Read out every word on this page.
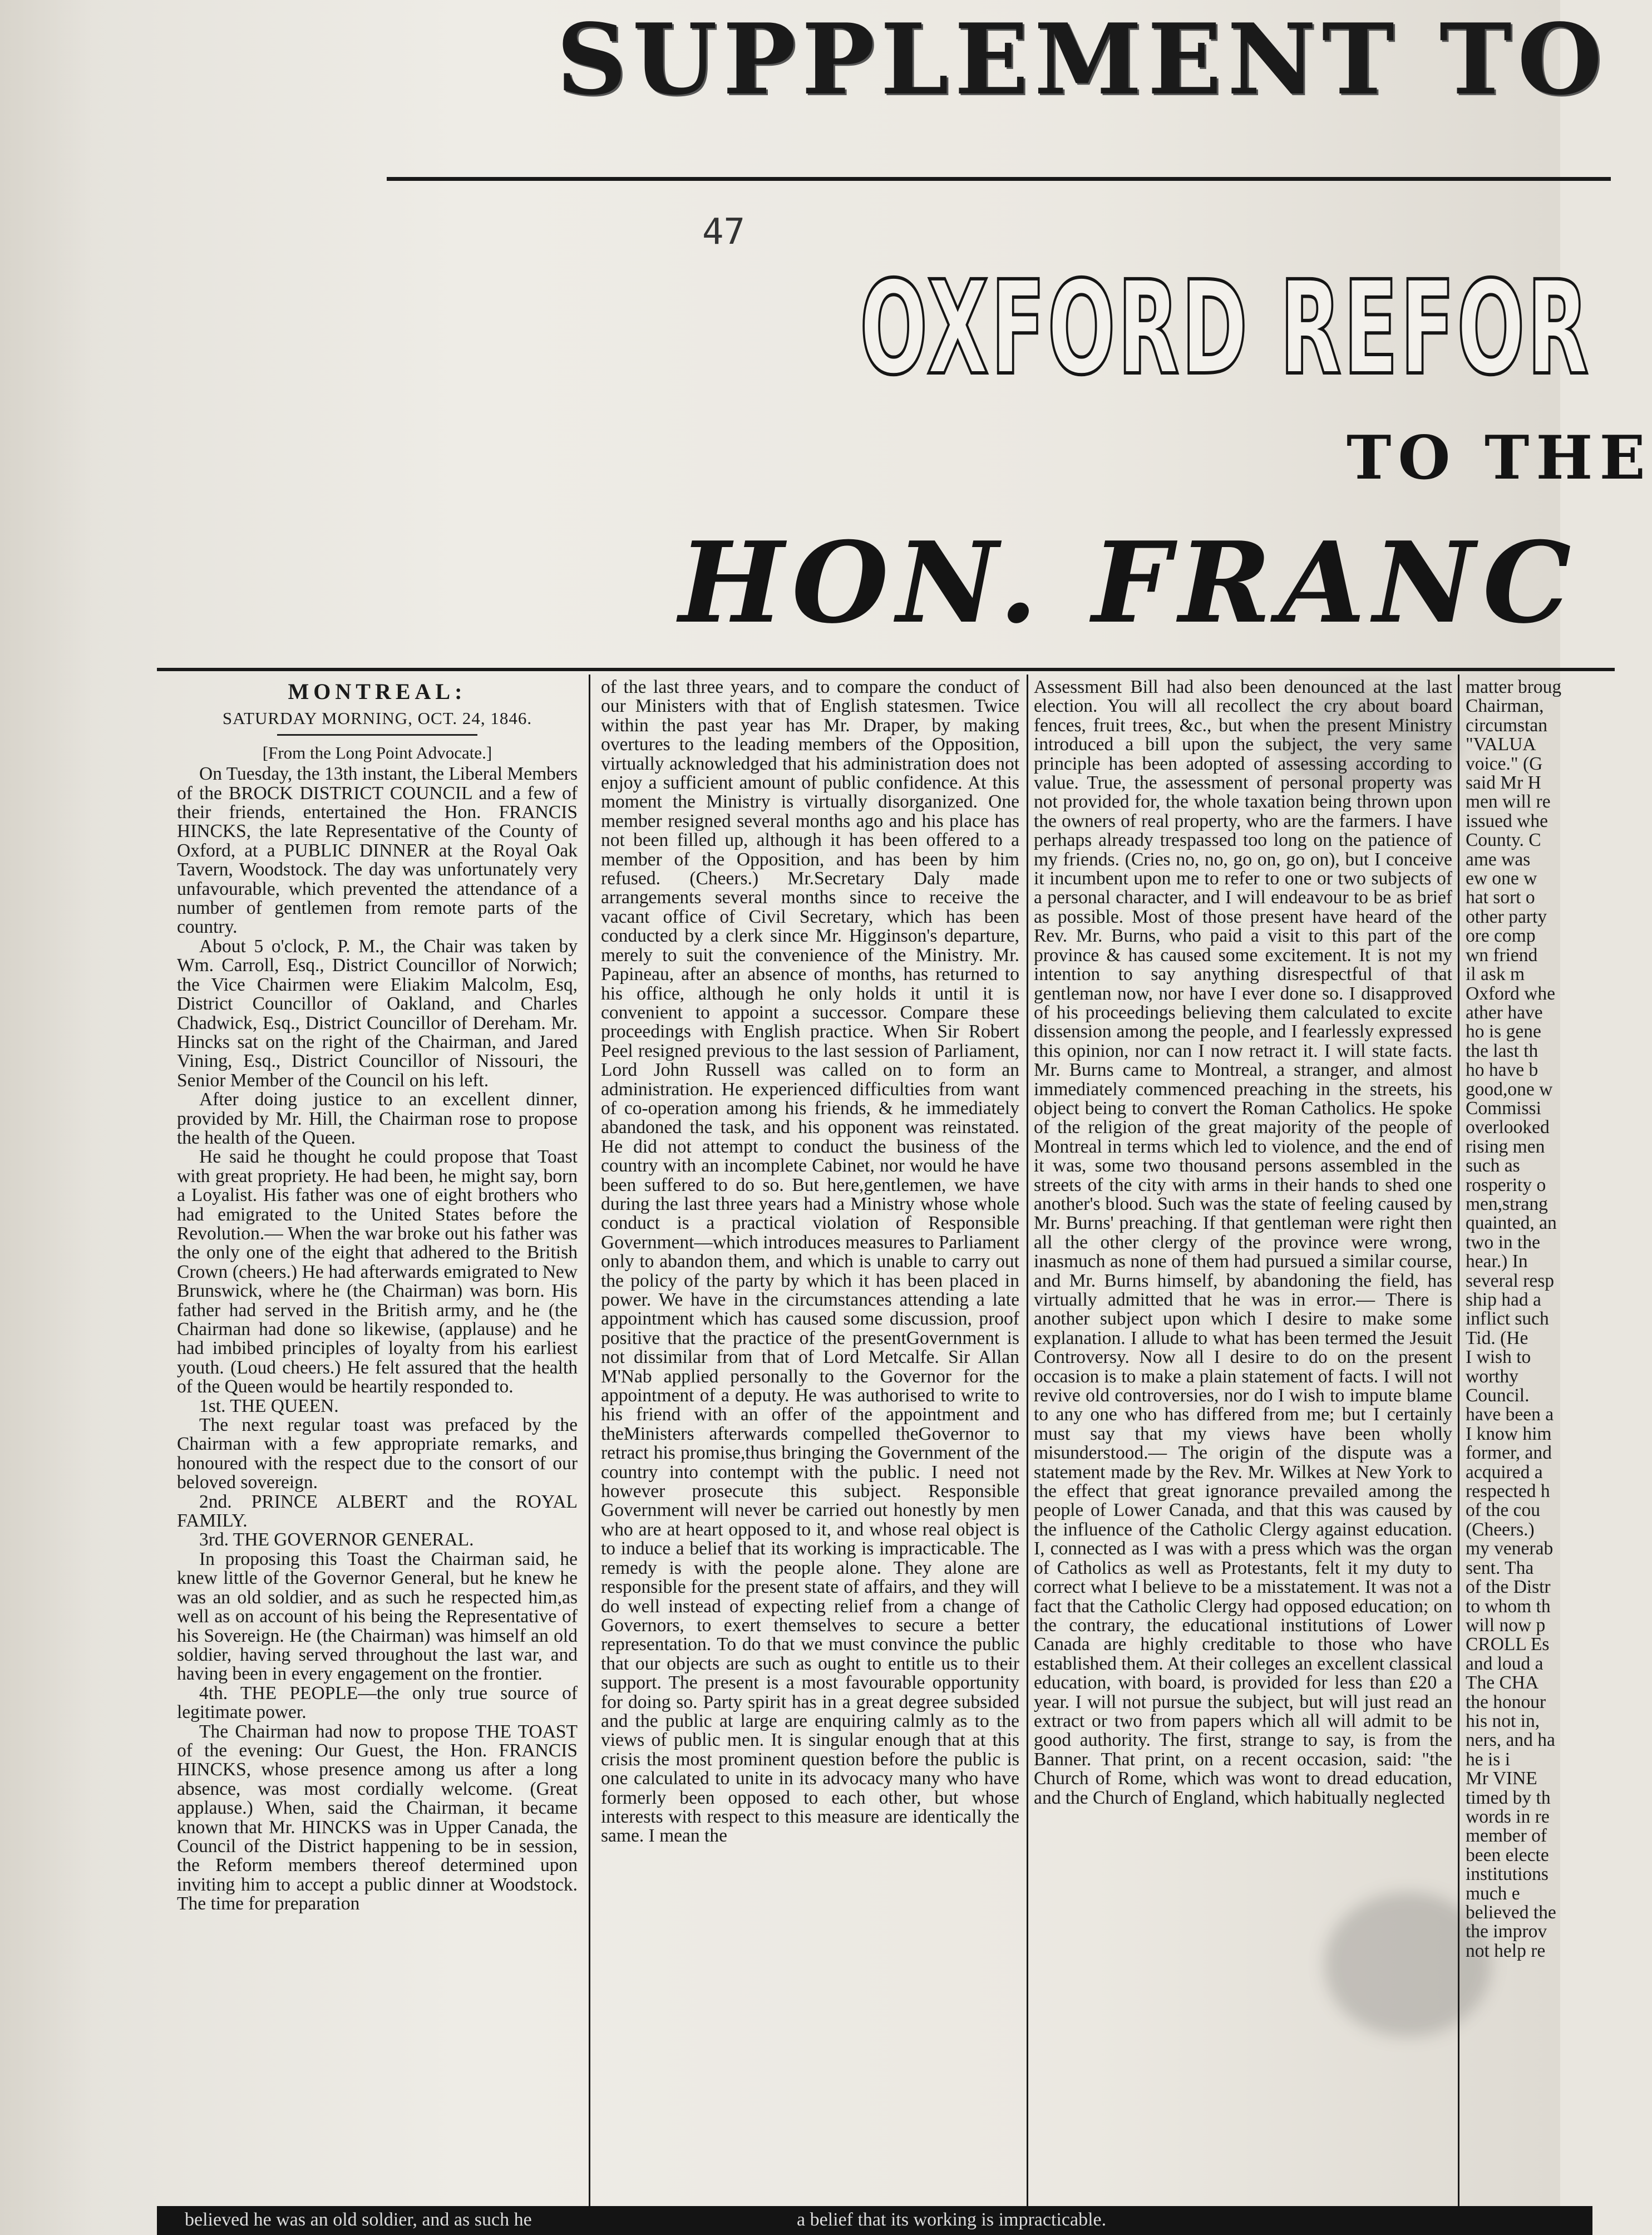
SUPPLEMENT TO
47
OXFORD REFOR
TO THE
HON. FRANC
MONTREAL:
SATURDAY MORNING, OCT. 24, 1846.
[From the Long Point Advocate.]

On Tuesday, the 13th instant, the Liberal Members of the BROCK DISTRICT COUNCIL and a few of their friends, entertained the Hon. FRANCIS HINCKS, the late Representative of the County of Oxford, at a PUBLIC DINNER at the Royal Oak Tavern, Woodstock. The day was unfortunately very unfavourable, which prevented the attendance of a number of gentlemen from remote parts of the country.

About 5 o'clock, P. M., the Chair was taken by Wm. Carroll, Esq., District Councillor of Norwich; the Vice Chairmen were Eliakim Malcolm, Esq, District Councillor of Oakland, and Charles Chadwick, Esq., District Councillor of Dereham. Mr. Hincks sat on the right of the Chairman, and Jared Vining, Esq., District Councillor of Nissouri, the Senior Member of the Council on his left.

After doing justice to an excellent dinner, provided by Mr. Hill, the Chairman rose to propose the health of the Queen.

He said he thought he could propose that Toast with great propriety. He had been, he might say, born a Loyalist. His father was one of eight brothers who had emigrated to the United States before the Revolution.— When the war broke out his father was the only one of the eight that adhered to the British Crown (cheers.) He had afterwards emigrated to New Brunswick, where he (the Chairman) was born. His father had served in the British army, and he (the Chairman had done so likewise, (applause) and he had imbibed principles of loyalty from his earliest youth. (Loud cheers.) He felt assured that the health of the Queen would be heartily responded to.

1st. THE QUEEN.

The next regular toast was prefaced by the Chairman with a few appropriate remarks, and honoured with the respect due to the consort of our beloved sovereign.

2nd. PRINCE ALBERT and the ROYAL FAMILY.

3rd. THE GOVERNOR GENERAL.

In proposing this Toast the Chairman said, he knew little of the Governor General, but he knew he was an old soldier, and as such he respected him,as well as on account of his being the Representative of his Sovereign. He (the Chairman) was himself an old soldier, having served throughout the last war, and having been in every engagement on the frontier.

4th. THE PEOPLE—the only true source of legitimate power.

The Chairman had now to propose THE TOAST of the evening: Our Guest, the Hon. FRANCIS HINCKS, whose presence among us after a long absence, was most cordially welcome. (Great applause.) When, said the Chairman, it became known that Mr. HINCKS was in Upper Canada, the Council of the District happening to be in session, the Reform members thereof determined upon inviting him to accept a public dinner at Woodstock. The time for preparation

of the last three years, and to compare the conduct of our Ministers with that of English statesmen. Twice within the past year has Mr. Draper, by making overtures to the leading members of the Opposition, virtually acknowledged that his administration does not enjoy a sufficient amount of public confidence. At this moment the Ministry is virtually disorganized. One member resigned several months ago and his place has not been filled up, although it has been offered to a member of the Opposition, and has been by him refused. (Cheers.) Mr.Secretary Daly made arrangements several months since to receive the vacant office of Civil Secretary, which has been conducted by a clerk since Mr. Higginson's departure, merely to suit the convenience of the Ministry. Mr. Papineau, after an absence of months, has returned to his office, although he only holds it until it is convenient to appoint a successor. Compare these proceedings with English practice. When Sir Robert Peel resigned previous to the last session of Parliament, Lord John Russell was called on to form an administration. He experienced difficulties from want of co-operation among his friends, & he immediately abandoned the task, and his opponent was reinstated. He did not attempt to conduct the business of the country with an incomplete Cabinet, nor would he have been suffered to do so. But here,gentlemen, we have during the last three years had a Ministry whose whole conduct is a practical violation of Responsible Government—which introduces measures to Parliament only to abandon them, and which is unable to carry out the policy of the party by which it has been placed in power. We have in the circumstances attending a late appointment which has caused some discussion, proof positive that the practice of the presentGovernment is not dissimilar from that of Lord Metcalfe. Sir Allan M'Nab applied personally to the Governor for the appointment of a deputy. He was authorised to write to his friend with an offer of the appointment and theMinisters afterwards compelled theGovernor to retract his promise,thus bringing the Government of the country into contempt with the public. I need not however prosecute this subject. Responsible Government will never be carried out honestly by men who are at heart opposed to it, and whose real object is to induce a belief that its working is impracticable. The remedy is with the people alone. They alone are responsible for the present state of affairs, and they will do well instead of expecting relief from a change of Governors, to exert themselves to secure a better representation. To do that we must convince the public that our objects are such as ought to entitle us to their support. The present is a most favourable opportunity for doing so. Party spirit has in a great degree subsided and the public at large are enquiring calmly as to the views of public men. It is singular enough that at this crisis the most prominent question before the public is one calculated to unite in its advocacy many who have formerly been opposed to each other, but whose interests with respect to this measure are identically the same. I mean the

Assessment Bill had also been denounced at the last election. You will all recollect the cry about board fences, fruit trees, &c., but when the present Ministry introduced a bill upon the subject, the very same principle has been adopted of assessing according to value. True, the assessment of personal property was not provided for, the whole taxation being thrown upon the owners of real property, who are the farmers. I have perhaps already trespassed too long on the patience of my friends. (Cries no, no, go on, go on), but I conceive it incumbent upon me to refer to one or two subjects of a personal character, and I will endeavour to be as brief as possible. Most of those present have heard of the Rev. Mr. Burns, who paid a visit to this part of the province & has caused some excitement. It is not my intention to say anything disrespectful of that gentleman now, nor have I ever done so. I disapproved of his proceedings believing them calculated to excite dissension among the people, and I fearlessly expressed this opinion, nor can I now retract it. I will state facts. Mr. Burns came to Montreal, a stranger, and almost immediately commenced preaching in the streets, his object being to convert the Roman Catholics. He spoke of the religion of the great majority of the people of Montreal in terms which led to violence, and the end of it was, some two thousand persons assembled in the streets of the city with arms in their hands to shed one another's blood. Such was the state of feeling caused by Mr. Burns' preaching. If that gentleman were right then all the other clergy of the province were wrong, inasmuch as none of them had pursued a similar course, and Mr. Burns himself, by abandoning the field, has virtually admitted that he was in error.— There is another subject upon which I desire to make some explanation. I allude to what has been termed the Jesuit Controversy. Now all I desire to do on the present occasion is to make a plain statement of facts. I will not revive old controversies, nor do I wish to impute blame to any one who has differed from me; but I certainly must say that my views have been wholly misunderstood.— The origin of the dispute was a statement made by the Rev. Mr. Wilkes at New York to the effect that great ignorance prevailed among the people of Lower Canada, and that this was caused by the influence of the Catholic Clergy against education. I, connected as I was with a press which was the organ of Catholics as well as Protestants, felt it my duty to correct what I believe to be a misstatement. It was not a fact that the Catholic Clergy had opposed education; on the contrary, the educational institutions of Lower Canada are highly creditable to those who have established them. At their colleges an excellent classical education, with board, is provided for less than £20 a year. I will not pursue the subject, but will just read an extract or two from papers which all will admit to be good authority. The first, strange to say, is from the Banner. That print, on a recent occasion, said: "the Church of Rome, which was wont to dread education, and the Church of England, which habitually neglected

matter broug
Chairman,
circumstan
"VALUA
voice." (G
said Mr H
men will re
issued whe
County. C
ame was
ew one w
hat sort o
other party
ore comp
wn friend
il ask m
Oxford whe
ather have
ho is gene
the last th
ho have b
good,one w
Commissi
overlooked
rising men
such as
rosperity o
men,strang
quainted, an
two in the
hear.) In
several resp
ship had a
inflict such
Tid. (He
I wish to
worthy
Council.
have been a
I know him
former, and
acquired a
respected h
of the cou
(Cheers.)
my venerab
sent. Tha
of the Distr
to whom th
will now p
CROLL Es
and loud a
The CHA
the honour
his not in,
ners, and ha
he is i
Mr VINE
timed by th
words in re
member of
been electe
institutions
much e
believed the
the improv
not help re
believed he was an old soldier, and as such he	a belief that its working is impracticable.
